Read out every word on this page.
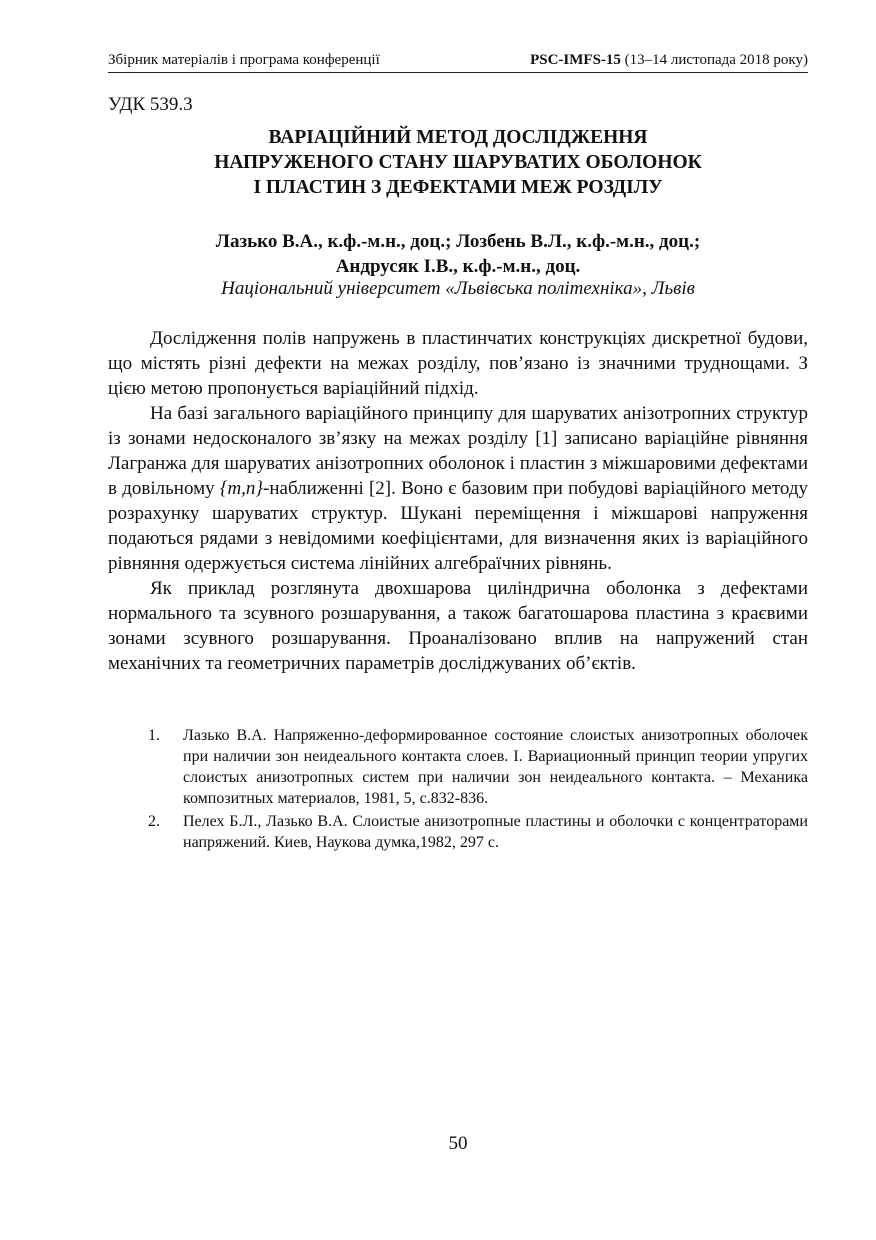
Збірник матеріалів і програма конференції	PSC-IMFS-15 (13–14 листопада 2018 року)
УДК 539.3
ВАРІАЦІЙНИЙ МЕТОД ДОСЛІДЖЕННЯ
НАПРУЖЕНОГО СТАНУ ШАРУВАТИХ ОБОЛОНОК
І ПЛАСТИН З ДЕФЕКТАМИ МЕЖ РОЗДІЛУ
Лазько В.А., к.ф.-м.н., доц.; Лозбень В.Л., к.ф.-м.н., доц.;
Андрусяк І.В., к.ф.-м.н., доц.
Національний університет «Львівська політехніка», Львів

Дослідження полів напружень в пластинчатих конструкціях дискретної будови, що містять різні дефекти на межах розділу, пов’язано із значними труднощами. З цією метою пропонується варіаційний підхід.

На базі загального варіаційного принципу для шаруватих анізотропних структур із зонами недосконалого зв’язку на межах розділу [1] записано варіаційне рівняння Лагранжа для шаруватих анізотропних оболонок і пластин з міжшаровими дефектами в довільному {m,n}-наближенні [2]. Воно є базовим при побудові варіаційного методу розрахунку шаруватих структур. Шукані переміщення і міжшарові напруження подаються рядами з невідомими коефіцієнтами, для визначення яких із варіаційного рівняння одержується система лінійних алгебраїчних рівнянь.

Як приклад розглянута двохшарова циліндрична оболонка з дефектами нормального та зсувного розшарування, а також багатошарова пластина з краєвими зонами зсувного розшарування. Проаналізовано вплив на напружений стан механічних та геометричних параметрів досліджуваних об’єктів.

1. Лазько В.А. Напряженно-деформированное состояние слоистых анизотропных оболочек при наличии зон неидеального контакта слоев. I. Вариационный принцип теории упругих слоистых анизотропных систем при наличии зон неидеального контакта. – Механика композитных материалов, 1981, 5, с.832-836.
2. Пелех Б.Л., Лазько В.А. Слоистые анизотропные пластины и оболочки с концентраторами напряжений. Киев, Наукова думка,1982, 297 с.
50
